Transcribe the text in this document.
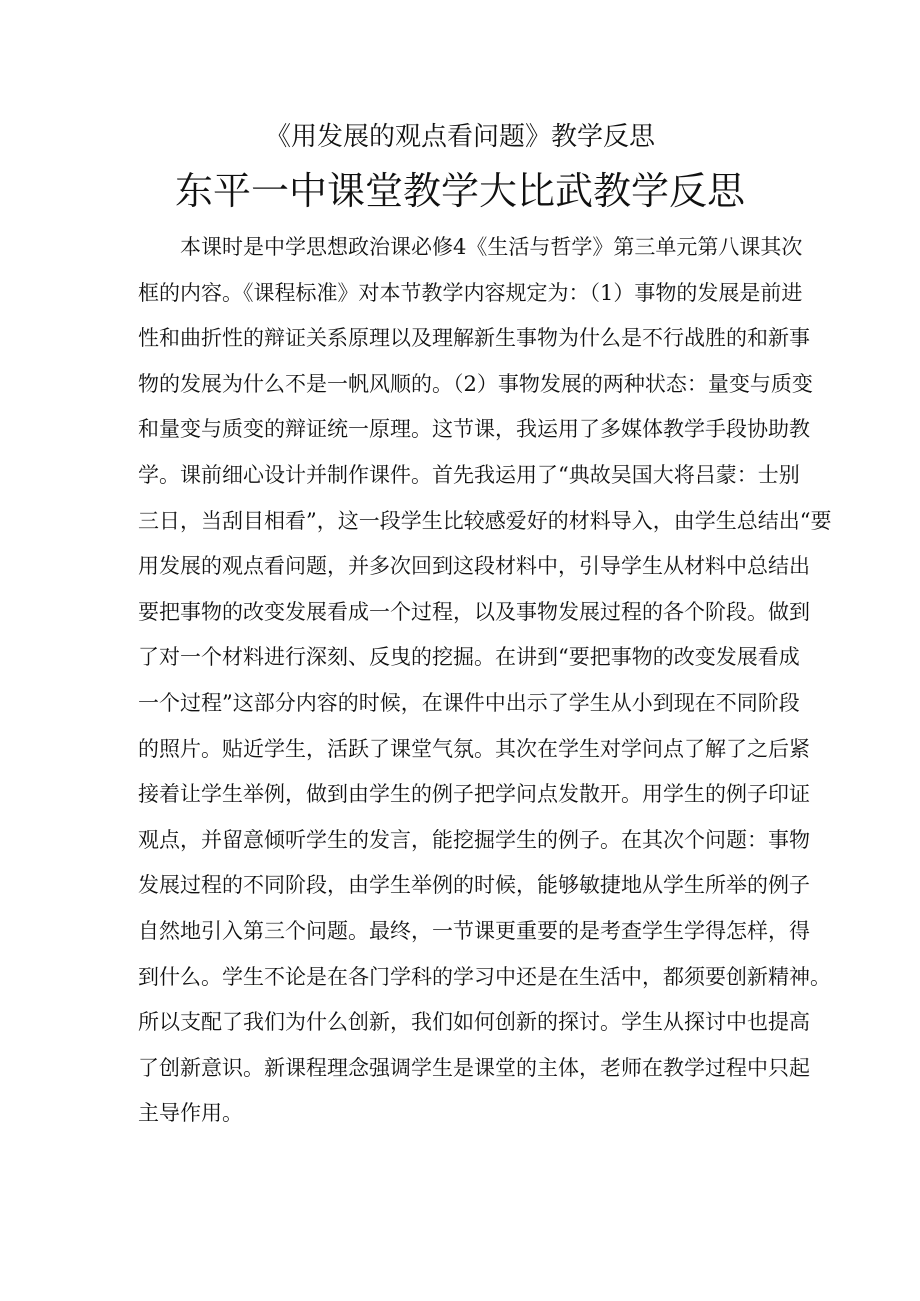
《用发展的观点看问题》教学反思
东平一中课堂教学大比武教学反思
本课时是中学思想政治课必修4《生活与哲学》第三单元第八课其次
框的内容。《课程标准》对本节教学内容规定为：（1）事物的发展是前进
性和曲折性的辩证关系原理以及理解新生事物为什么是不行战胜的和新事
物的发展为什么不是一帆风顺的。（2）事物发展的两种状态：量变与质变
和量变与质变的辩证统一原理。这节课，我运用了多媒体教学手段协助教
学。课前细心设计并制作课件。首先我运用了“典故吴国大将吕蒙：士别
三日，当刮目相看”，这一段学生比较感爱好的材料导入，由学生总结出“要
用发展的观点看问题，并多次回到这段材料中，引导学生从材料中总结出
要把事物的改变发展看成一个过程，以及事物发展过程的各个阶段。做到
了对一个材料进行深刻、反曳的挖掘。在讲到“要把事物的改变发展看成
一个过程”这部分内容的时候，在课件中出示了学生从小到现在不同阶段
的照片。贴近学生，活跃了课堂气氛。其次在学生对学问点了解了之后紧
接着让学生举例，做到由学生的例子把学问点发散开。用学生的例子印证
观点，并留意倾听学生的发言，能挖掘学生的例子。在其次个问题：事物
发展过程的不同阶段，由学生举例的时候，能够敏捷地从学生所举的例子
自然地引入第三个问题。最终，一节课更重要的是考查学生学得怎样，得
到什么。学生不论是在各门学科的学习中还是在生活中，都须要创新精神。
所以支配了我们为什么创新，我们如何创新的探讨。学生从探讨中也提高
了创新意识。新课程理念强调学生是课堂的主体，老师在教学过程中只起
主导作用。
